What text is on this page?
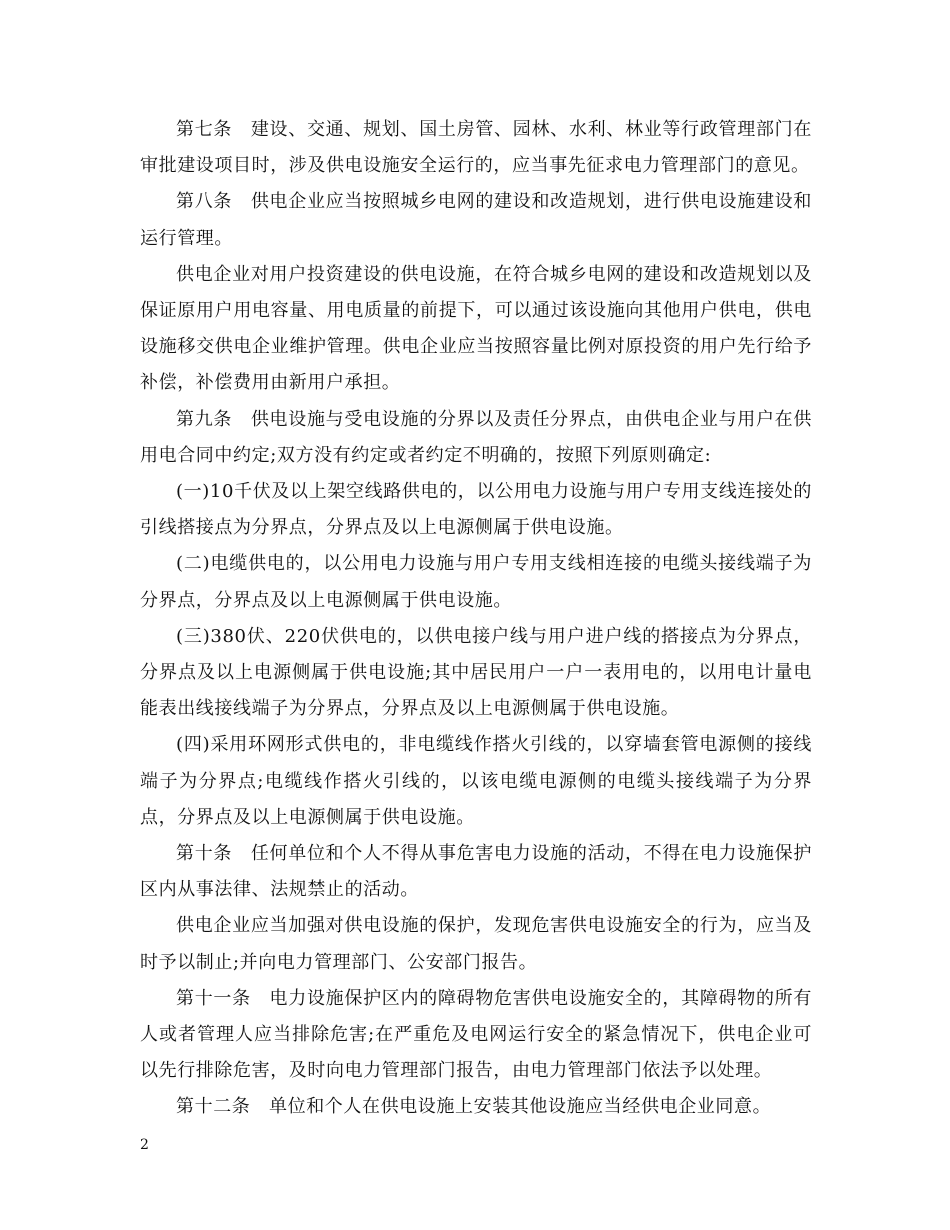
第七条　建设、交通、规划、国土房管、园林、水利、林业等行政管理部门在审批建设项目时，涉及供电设施安全运行的，应当事先征求电力管理部门的意见。

第八条　供电企业应当按照城乡电网的建设和改造规划，进行供电设施建设和运行管理。

供电企业对用户投资建设的供电设施，在符合城乡电网的建设和改造规划以及保证原用户用电容量、用电质量的前提下，可以通过该设施向其他用户供电，供电设施移交供电企业维护管理。供电企业应当按照容量比例对原投资的用户先行给予补偿，补偿费用由新用户承担。

第九条　供电设施与受电设施的分界以及责任分界点，由供电企业与用户在供用电合同中约定;双方没有约定或者约定不明确的，按照下列原则确定:

(一)10千伏及以上架空线路供电的，以公用电力设施与用户专用支线连接处的引线搭接点为分界点，分界点及以上电源侧属于供电设施。

(二)电缆供电的，以公用电力设施与用户专用支线相连接的电缆头接线端子为分界点，分界点及以上电源侧属于供电设施。

(三)380伏、220伏供电的，以供电接户线与用户进户线的搭接点为分界点，分界点及以上电源侧属于供电设施;其中居民用户一户一表用电的，以用电计量电能表出线接线端子为分界点，分界点及以上电源侧属于供电设施。

(四)采用环网形式供电的，非电缆线作搭火引线的，以穿墙套管电源侧的接线端子为分界点;电缆线作搭火引线的，以该电缆电源侧的电缆头接线端子为分界点，分界点及以上电源侧属于供电设施。

第十条　任何单位和个人不得从事危害电力设施的活动，不得在电力设施保护区内从事法律、法规禁止的活动。

供电企业应当加强对供电设施的保护，发现危害供电设施安全的行为，应当及时予以制止;并向电力管理部门、公安部门报告。

第十一条　电力设施保护区内的障碍物危害供电设施安全的，其障碍物的所有人或者管理人应当排除危害;在严重危及电网运行安全的紧急情况下，供电企业可以先行排除危害，及时向电力管理部门报告，由电力管理部门依法予以处理。

第十二条　单位和个人在供电设施上安装其他设施应当经供电企业同意。

2
